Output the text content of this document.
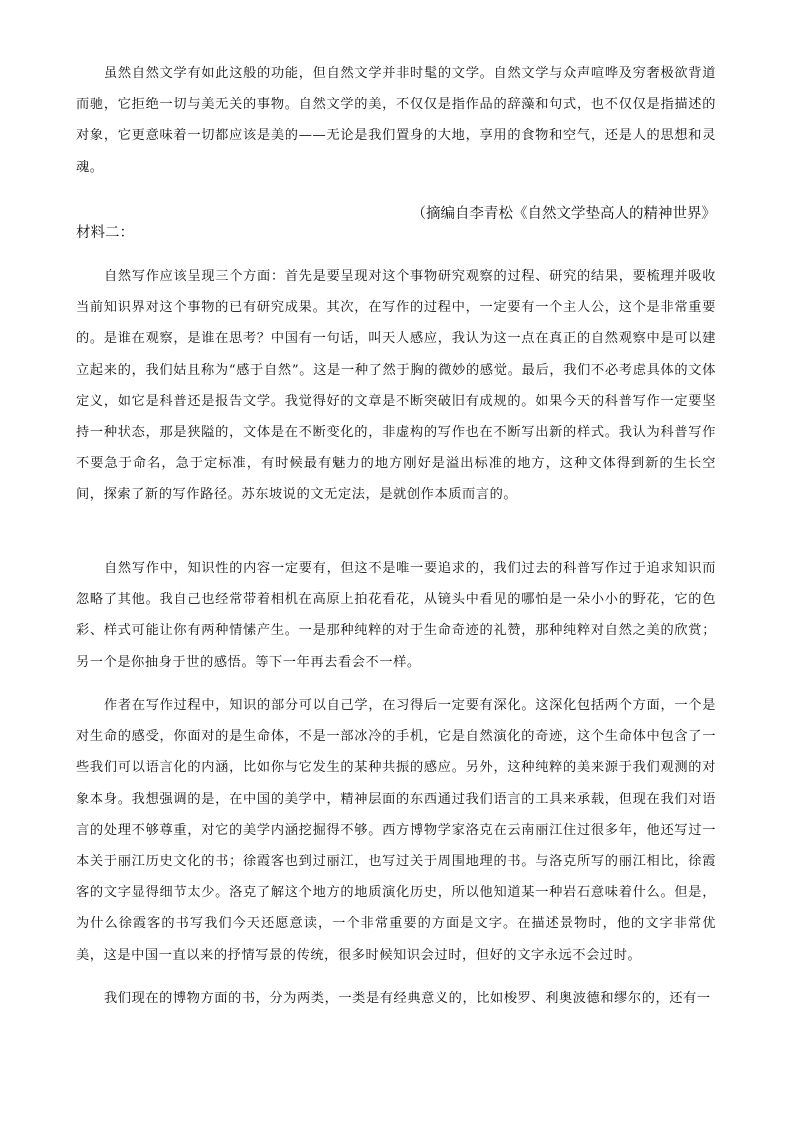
虽然自然文学有如此这般的功能，但自然文学并非时髦的文学。自然文学与众声喧哗及穷奢极欲背道而驰，它拒绝一切与美无关的事物。自然文学的美，不仅仅是指作品的辞藻和句式，也不仅仅是指描述的对象，它更意味着一切都应该是美的——无论是我们置身的大地，享用的食物和空气，还是人的思想和灵魂。

（摘编自李青松《自然文学垫高人的精神世界》

材料二：

自然写作应该呈现三个方面：首先是要呈现对这个事物研究观察的过程、研究的结果，要梳理并吸收当前知识界对这个事物的已有研究成果。其次，在写作的过程中，一定要有一个主人公，这个是非常重要的。是谁在观察，是谁在思考？中国有一句话，叫天人感应，我认为这一点在真正的自然观察中是可以建立起来的，我们姑且称为“感于自然”。这是一种了然于胸的微妙的感觉。最后，我们不必考虑具体的文体定义，如它是科普还是报告文学。我觉得好的文章是不断突破旧有成规的。如果今天的科普写作一定要坚持一种状态，那是狭隘的，文体是在不断变化的，非虚构的写作也在不断写出新的样式。我认为科普写作不要急于命名，急于定标准，有时候最有魅力的地方刚好是溢出标准的地方，这种文体得到新的生长空间，探索了新的写作路径。苏东坡说的文无定法，是就创作本质而言的。

自然写作中，知识性的内容一定要有，但这不是唯一要追求的，我们过去的科普写作过于追求知识而忽略了其他。我自己也经常带着相机在高原上拍花看花，从镜头中看见的哪怕是一朵小小的野花，它的色彩、样式可能让你有两种情愫产生。一是那种纯粹的对于生命奇迹的礼赞，那种纯粹对自然之美的欣赏；另一个是你抽身于世的感悟。等下一年再去看会不一样。

作者在写作过程中，知识的部分可以自己学，在习得后一定要有深化。这深化包括两个方面，一个是对生命的感受，你面对的是生命体，不是一部冰冷的手机，它是自然演化的奇迹，这个生命体中包含了一些我们可以语言化的内涵，比如你与它发生的某种共振的感应。另外，这种纯粹的美来源于我们观测的对象本身。我想强调的是，在中国的美学中，精神层面的东西通过我们语言的工具来承载，但现在我们对语言的处理不够尊重，对它的美学内涵挖掘得不够。西方博物学家洛克在云南丽江住过很多年，他还写过一本关于丽江历史文化的书；徐霞客也到过丽江，也写过关于周围地理的书。与洛克所写的丽江相比，徐霞客的文字显得细节太少。洛克了解这个地方的地质演化历史，所以他知道某一种岩石意味着什么。但是，为什么徐霞客的书写我们今天还愿意读，一个非常重要的方面是文字。在描述景物时，他的文字非常优美，这是中国一直以来的抒情写景的传统，很多时候知识会过时，但好的文字永远不会过时。

我们现在的博物方面的书，分为两类，一类是有经典意义的，比如梭罗、利奥波德和缪尔的，还有一
